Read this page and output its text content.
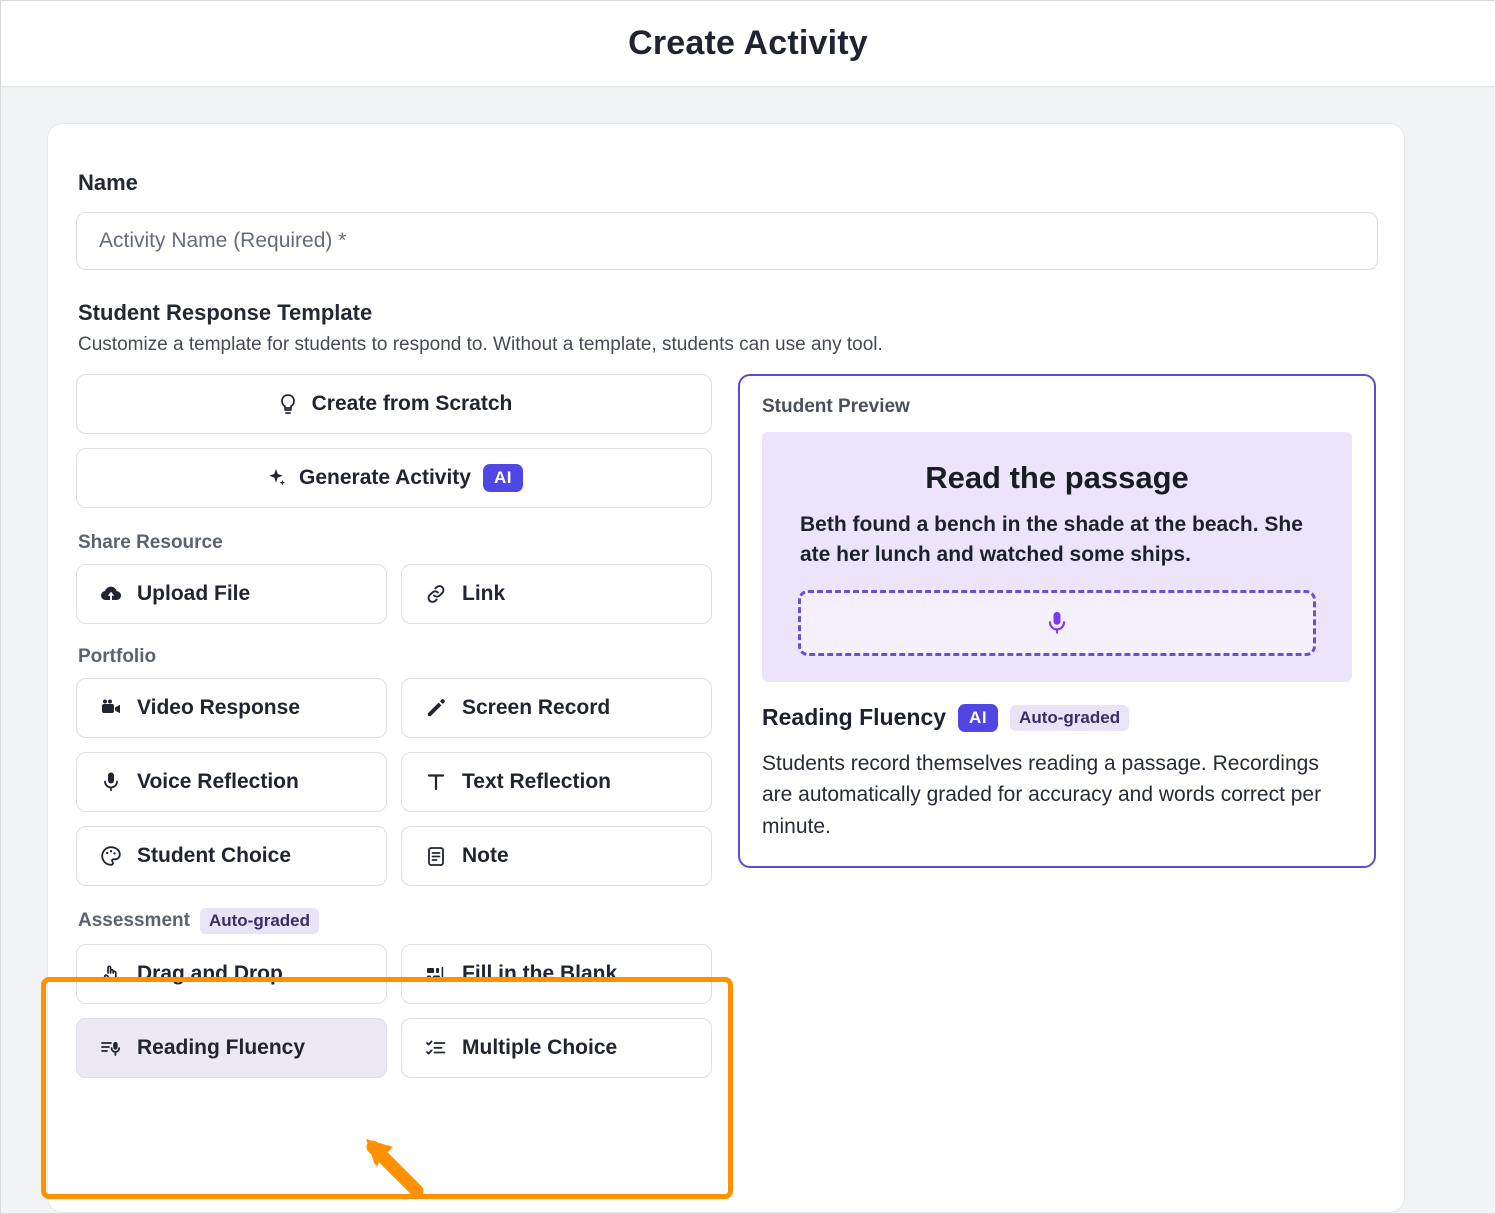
Create Activity
Name
Activity Name (Required) *
Student Response Template
Customize a template for students to respond to. Without a template, students can use any tool.
Create from Scratch
Generate Activity	AI
Share Resource
Upload File	Link
Portfolio
Video Response	Screen Record
Voice Reflection	Text Reflection
Student Choice	Note
Assessment	Auto-graded
Drag and Drop	Fill in the Blank
Reading Fluency	Multiple Choice
Student Preview
Read the passage
Beth found a bench in the shade at the beach. She ate her lunch and watched some ships.
Reading Fluency	AI	Auto-graded

Students record themselves reading a passage. Recordings are automatically graded for accuracy and words correct per minute.
